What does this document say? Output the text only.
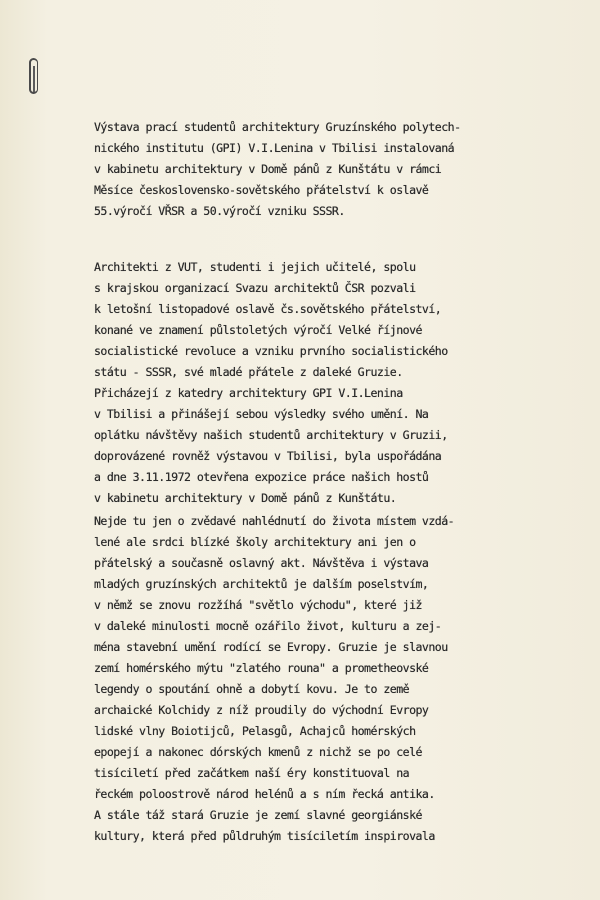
Výstava prací studentů architektury Gruzínského polytech-
nického institutu (GPI) V.I.Lenina v Tbilisi instalovaná
v kabinetu architektury v Domě pánů z Kunštátu v rámci
Měsíce československo-sovětského přátelství k oslavě
55.výročí VŘSR a 50.výročí vzniku SSSR.
Architekti z VUT, studenti i jejich učitelé, spolu
s krajskou organizací Svazu architektů ČSR pozvali
k letošní listopadové oslavě čs.sovětského přátelství,
konané ve znamení půlstoletých výročí Velké říjnové
socialistické revoluce a vzniku prvního socialistického
státu - SSSR, své mladé přátele z daleké Gruzie.
Přicházejí z katedry architektury GPI V.I.Lenina
v Tbilisi a přinášejí sebou výsledky svého umění. Na
oplátku návštěvy našich studentů architektury v Gruzii,
doprovázené rovněž výstavou v Tbilisi, byla uspořádána
a dne 3.11.1972 otevřena expozice práce našich hostů
v kabinetu architektury v Domě pánů z Kunštátu.
Nejde tu jen o zvědavé nahlédnutí do života místem vzdá-
lené ale srdci blízké školy architektury ani jen o
přátelský a současně oslavný akt. Návštěva i výstava
mladých gruzínských architektů je dalším poselstvím,
v němž se znovu rozžíhá "světlo východu", které již
v daleké minulosti mocně ozářilo život, kulturu a zej-
ména stavební umění rodící se Evropy. Gruzie je slavnou
zemí homérského mýtu "zlatého rouna" a prometheovské
legendy o spoutání ohně a dobytí kovu. Je to země
archaické Kolchidy z níž proudily do východní Evropy
lidské vlny Boiotijců, Pelasgů, Achajců homérských
epopejí a nakonec dórských kmenů z nichž se po celé
tisíciletí před začátkem naší éry konstituoval na
řeckém poloostrově národ helénů a s ním řecká antika.
A stále táž stará Gruzie je zemí slavné georgiánské
kultury, která před půldruhým tisíciletím inspirovala
